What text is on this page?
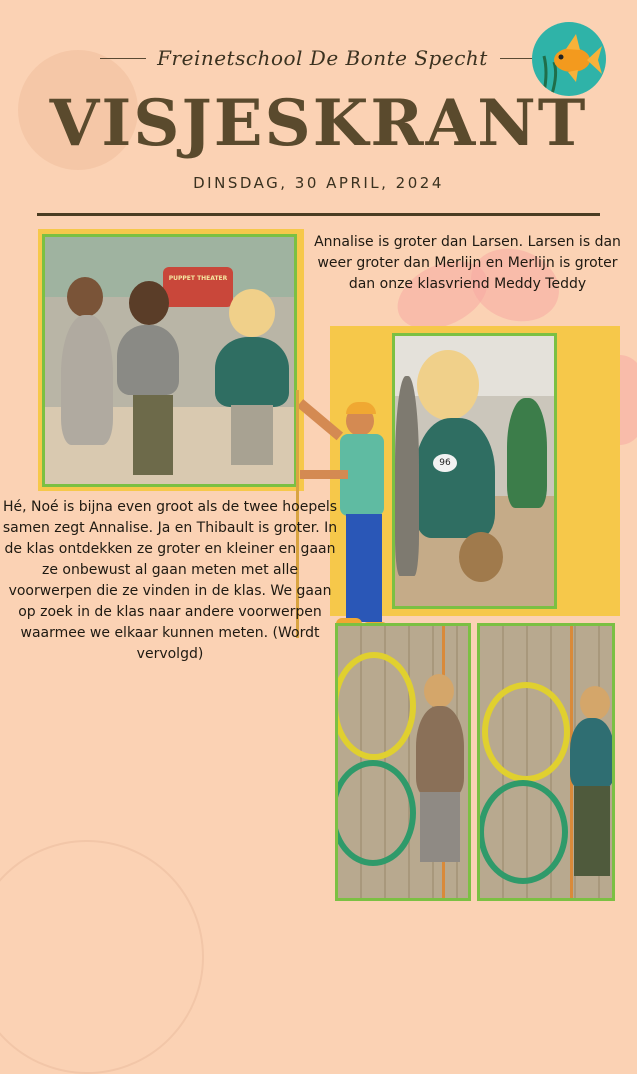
Freinetschool De Bonte Specht
VISJESKRANT
DINSDAG, 30 APRIL, 2024
PUPPET THEATER
Annalise is groter dan Larsen. Larsen is dan weer groter dan Merlijn en Merlijn is groter dan onze klasvriend Meddy Teddy
96
Hé, Noé is bijna even groot als de twee hoepels samen zegt Annalise. Ja en Thibault is groter. In de klas ontdekken ze groter en kleiner en gaan ze onbewust al gaan meten met alle voorwerpen die ze vinden in de klas. We gaan op zoek in de klas naar andere voorwerpen waarmee we elkaar kunnen meten. (Wordt vervolgd)
